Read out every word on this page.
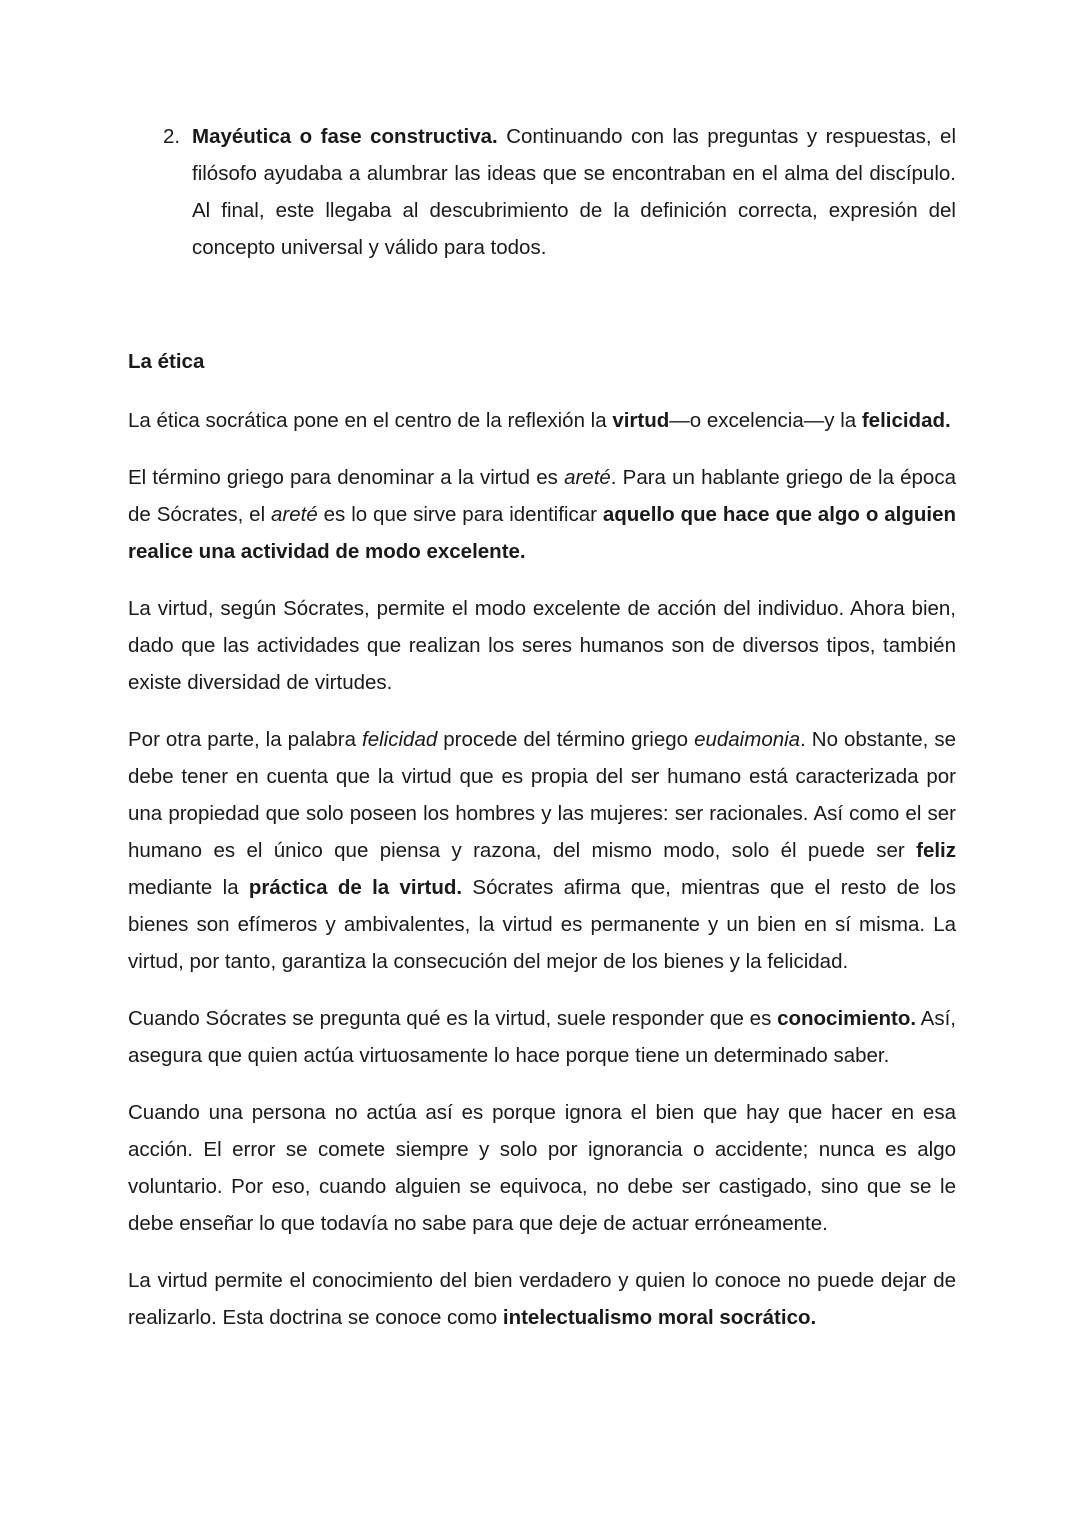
2. Mayéutica o fase constructiva. Continuando con las preguntas y respuestas, el filósofo ayudaba a alumbrar las ideas que se encontraban en el alma del discípulo. Al final, este llegaba al descubrimiento de la definición correcta, expresión del concepto universal y válido para todos.
La ética

La ética socrática pone en el centro de la reflexión la virtud—o excelencia—y la felicidad.

El término griego para denominar a la virtud es areté. Para un hablante griego de la época de Sócrates, el areté es lo que sirve para identificar aquello que hace que algo o alguien realice una actividad de modo excelente.

La virtud, según Sócrates, permite el modo excelente de acción del individuo. Ahora bien, dado que las actividades que realizan los seres humanos son de diversos tipos, también existe diversidad de virtudes.

Por otra parte, la palabra felicidad procede del término griego eudaimonia. No obstante, se debe tener en cuenta que la virtud que es propia del ser humano está caracterizada por una propiedad que solo poseen los hombres y las mujeres: ser racionales. Así como el ser humano es el único que piensa y razona, del mismo modo, solo él puede ser feliz mediante la práctica de la virtud. Sócrates afirma que, mientras que el resto de los bienes son efímeros y ambivalentes, la virtud es permanente y un bien en sí misma. La virtud, por tanto, garantiza la consecución del mejor de los bienes y la felicidad.

Cuando Sócrates se pregunta qué es la virtud, suele responder que es conocimiento. Así, asegura que quien actúa virtuosamente lo hace porque tiene un determinado saber.

Cuando una persona no actúa así es porque ignora el bien que hay que hacer en esa acción. El error se comete siempre y solo por ignorancia o accidente; nunca es algo voluntario. Por eso, cuando alguien se equivoca, no debe ser castigado, sino que se le debe enseñar lo que todavía no sabe para que deje de actuar erróneamente.

La virtud permite el conocimiento del bien verdadero y quien lo conoce no puede dejar de realizarlo. Esta doctrina se conoce como intelectualismo moral socrático.
